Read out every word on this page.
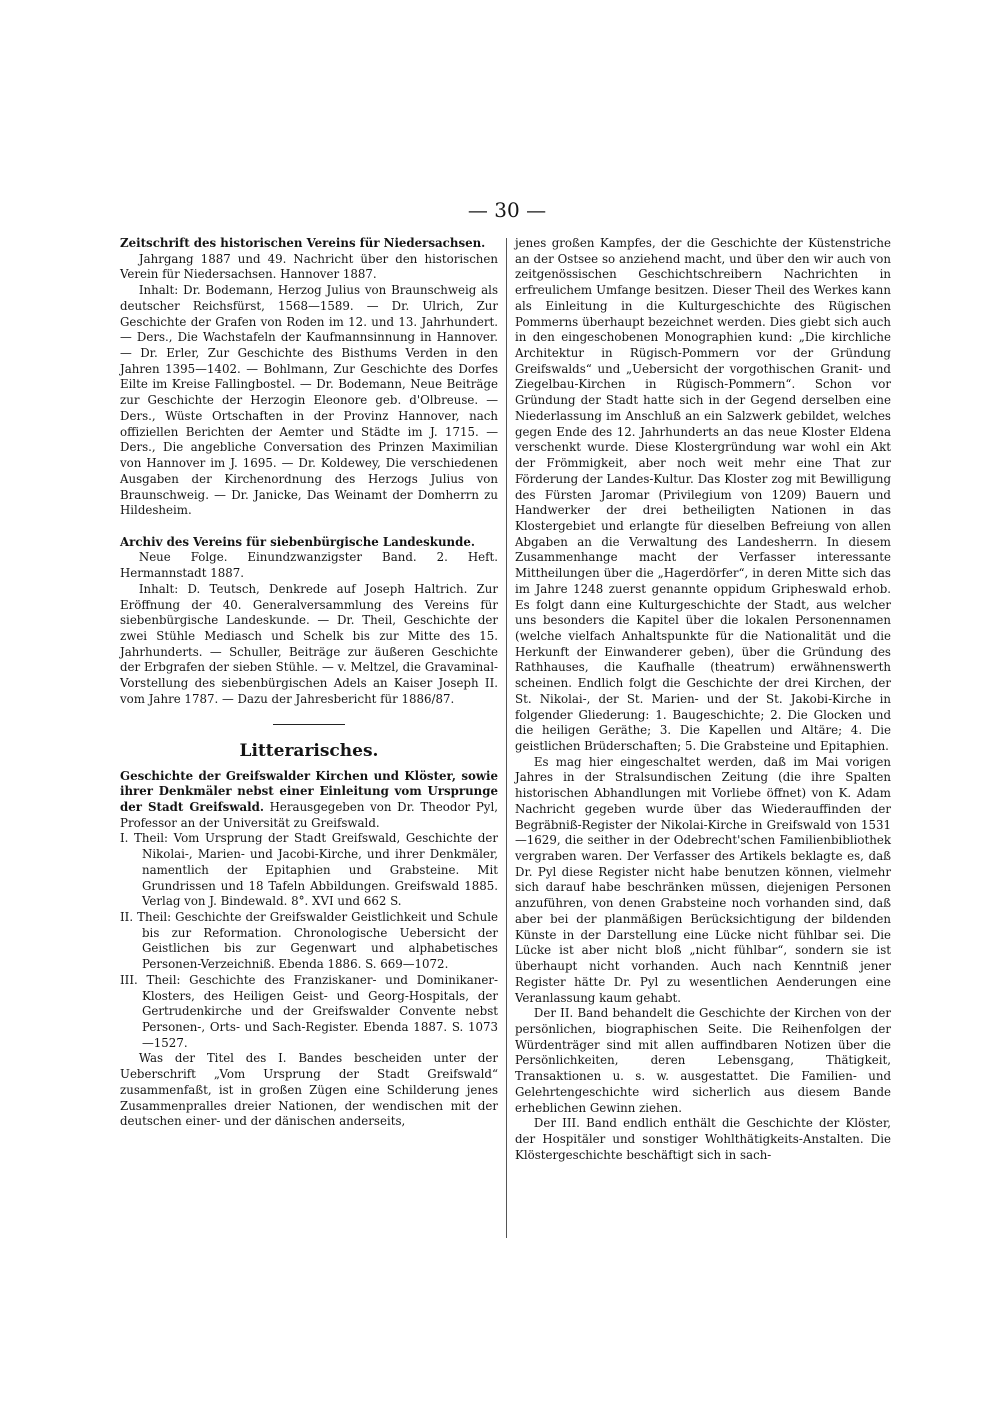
— 30 —

Zeitschrift des historischen Vereins für Niedersachsen.

Jahrgang 1887 und 49. Nachricht über den historischen Verein für Niedersachsen. Hannover 1887.

Inhalt: Dr. Bodemann, Herzog Julius von Braunschweig als deutscher Reichsfürst, 1568—1589. — Dr. Ulrich, Zur Geschichte der Grafen von Roden im 12. und 13. Jahrhundert. — Ders., Die Wachstafeln der Kaufmannsinnung in Hannover. — Dr. Erler, Zur Geschichte des Bisthums Verden in den Jahren 1395—1402. — Bohlmann, Zur Geschichte des Dorfes Eilte im Kreise Fallingbostel. — Dr. Bodemann, Neue Beiträge zur Geschichte der Herzogin Eleonore geb. d'Olbreuse. — Ders., Wüste Ortschaften in der Provinz Hannover, nach offiziellen Berichten der Aemter und Städte im J. 1715. — Ders., Die angebliche Conversation des Prinzen Maximilian von Hannover im J. 1695. — Dr. Koldewey, Die verschiedenen Ausgaben der Kirchenordnung des Herzogs Julius von Braunschweig. — Dr. Janicke, Das Weinamt der Domherrn zu Hildesheim.

Archiv des Vereins für siebenbürgische Landeskunde.

Neue Folge. Einundzwanzigster Band. 2. Heft. Hermannstadt 1887.

Inhalt: D. Teutsch, Denkrede auf Joseph Haltrich. Zur Eröffnung der 40. Generalversammlung des Vereins für siebenbürgische Landeskunde. — Dr. Theil, Geschichte der zwei Stühle Mediasch und Schelk bis zur Mitte des 15. Jahrhunderts. — Schuller, Beiträge zur äußeren Geschichte der Erbgrafen der sieben Stühle. — v. Meltzel, die Gravaminal-Vorstellung des siebenbürgischen Adels an Kaiser Joseph II. vom Jahre 1787. — Dazu der Jahresbericht für 1886/87.

Litterarisches.

Geschichte der Greifswalder Kirchen und Klöster, sowie ihrer Denkmäler nebst einer Einleitung vom Ursprunge der Stadt Greifswald. Herausgegeben von Dr. Theodor Pyl, Professor an der Universität zu Greifswald.

I. Theil: Vom Ursprung der Stadt Greifswald, Geschichte der Nikolai-, Marien- und Jacobi-Kirche, und ihrer Denkmäler, namentlich der Epitaphien und Grabsteine. Mit Grundrissen und 18 Tafeln Abbildungen. Greifswald 1885. Verlag von J. Bindewald. 8°. XVI und 662 S.

II. Theil: Geschichte der Greifswalder Geistlichkeit und Schule bis zur Reformation. Chronologische Uebersicht der Geistlichen bis zur Gegenwart und alphabetisches Personen-Verzeichniß. Ebenda 1886. S. 669—1072.

III. Theil: Geschichte des Franziskaner- und Dominikaner-Klosters, des Heiligen Geist- und Georg-Hospitals, der Gertrudenkirche und der Greifswalder Convente nebst Personen-, Orts- und Sach-Register. Ebenda 1887. S. 1073—1527.

Was der Titel des I. Bandes bescheiden unter der Ueberschrift „Vom Ursprung der Stadt Greifswald“ zusammenfaßt, ist in großen Zügen eine Schilderung jenes Zusammenpralles dreier Nationen, der wendischen mit der deutschen einer- und der dänischen anderseits,

jenes großen Kampfes, der die Geschichte der Küstenstriche an der Ostsee so anziehend macht, und über den wir auch von zeitgenössischen Geschichtschreibern Nachrichten in erfreulichem Umfange besitzen. Dieser Theil des Werkes kann als Einleitung in die Kulturgeschichte des Rügischen Pommerns überhaupt bezeichnet werden. Dies giebt sich auch in den eingeschobenen Monographien kund: „Die kirchliche Architektur in Rügisch-Pommern vor der Gründung Greifswalds“ und „Uebersicht der vorgothischen Granit- und Ziegelbau-Kirchen in Rügisch-Pommern“. Schon vor Gründung der Stadt hatte sich in der Gegend derselben eine Niederlassung im Anschluß an ein Salzwerk gebildet, welches gegen Ende des 12. Jahrhunderts an das neue Kloster Eldena verschenkt wurde. Diese Klostergründung war wohl ein Akt der Frömmigkeit, aber noch weit mehr eine That zur Förderung der Landes-Kultur. Das Kloster zog mit Bewilligung des Fürsten Jaromar (Privilegium von 1209) Bauern und Handwerker der drei betheiligten Nationen in das Klostergebiet und erlangte für dieselben Befreiung von allen Abgaben an die Verwaltung des Landesherrn. In diesem Zusammenhange macht der Verfasser interessante Mittheilungen über die „Hagerdörfer“, in deren Mitte sich das im Jahre 1248 zuerst genannte oppidum Gripheswald erhob. Es folgt dann eine Kulturgeschichte der Stadt, aus welcher uns besonders die Kapitel über die lokalen Personennamen (welche vielfach Anhaltspunkte für die Nationalität und die Herkunft der Einwanderer geben), über die Gründung des Rathhauses, die Kaufhalle (theatrum) erwähnenswerth scheinen. Endlich folgt die Geschichte der drei Kirchen, der St. Nikolai-, der St. Marien- und der St. Jakobi-Kirche in folgender Gliederung: 1. Baugeschichte; 2. Die Glocken und die heiligen Geräthe; 3. Die Kapellen und Altäre; 4. Die geistlichen Brüderschaften; 5. Die Grabsteine und Epitaphien.

Es mag hier eingeschaltet werden, daß im Mai vorigen Jahres in der Stralsundischen Zeitung (die ihre Spalten historischen Abhandlungen mit Vorliebe öffnet) von K. Adam Nachricht gegeben wurde über das Wiederauffinden der Begräbniß-Register der Nikolai-Kirche in Greifswald von 1531—1629, die seither in der Odebrecht'schen Familienbibliothek vergraben waren. Der Verfasser des Artikels beklagte es, daß Dr. Pyl diese Register nicht habe benutzen können, vielmehr sich darauf habe beschränken müssen, diejenigen Personen anzuführen, von denen Grabsteine noch vorhanden sind, daß aber bei der planmäßigen Berücksichtigung der bildenden Künste in der Darstellung eine Lücke nicht fühlbar sei. Die Lücke ist aber nicht bloß „nicht fühlbar“, sondern sie ist überhaupt nicht vorhanden. Auch nach Kenntniß jener Register hätte Dr. Pyl zu wesentlichen Aenderungen eine Veranlassung kaum gehabt.

Der II. Band behandelt die Geschichte der Kirchen von der persönlichen, biographischen Seite. Die Reihenfolgen der Würdenträger sind mit allen auffindbaren Notizen über die Persönlichkeiten, deren Lebensgang, Thätigkeit, Transaktionen u. s. w. ausgestattet. Die Familien- und Gelehrtengeschichte wird sicherlich aus diesem Bande erheblichen Gewinn ziehen.

Der III. Band endlich enthält die Geschichte der Klöster, der Hospitäler und sonstiger Wohlthätigkeits-Anstalten. Die Klöstergeschichte beschäftigt sich in sach-
